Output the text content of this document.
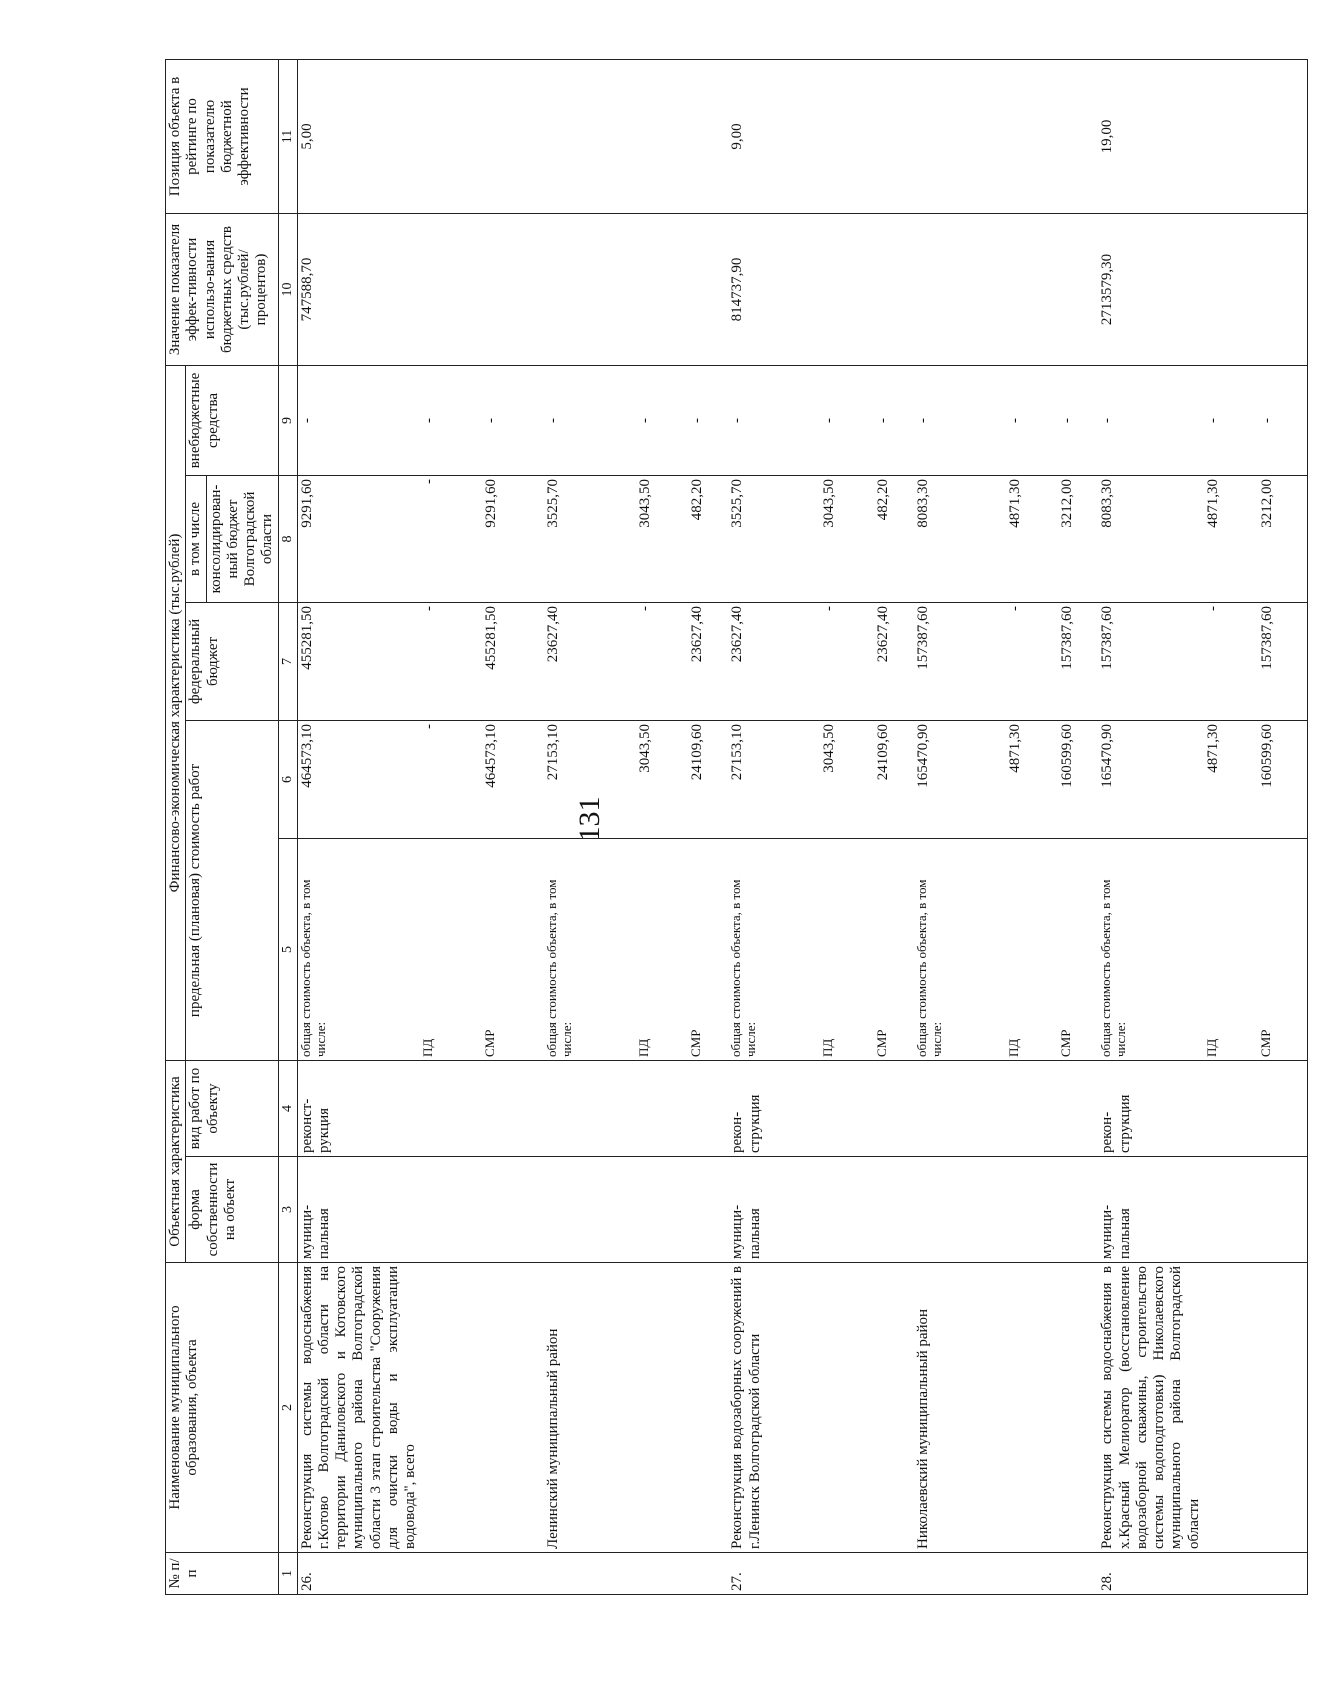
131
№ п/п	Наименование муниципального образования, объекта	Объектная характеристика		Финансово-экономическая характеристика (тыс.рублей)					Значение показателя эффек-тивности использо-вания бюджетных средств (тыс.рублей/ процентов)	Позиция объекта в рейтинге по показателю бюджетной эффективности
		форма собственности на объект	вид работ по объекту	предельная (плановая) стоимость работ		федеральный бюджет	в том числе	внебюджетные средства		
							консолидирован-ный бюджет Волгоградской области			
1	2	3	4	5	6	7	8	9	10	11
26.	Реконструкция системы водоснабжения г.Котово Волгоградской области на территории Даниловского и Котовского муниципального района Волгоградской области 3 этап строительства "Сооружения для очистки воды и эксплуатации водовода", всего	муници-пальная	реконст-рукция	общая стоимость объекта, в том числе:	464573,10	455281,50	9291,60	-	747588,70	5,00
				ПД	-	-	-	-		
				СМР	464573,10	455281,50	9291,60	-		
	Ленинский муниципальный район			общая стоимость объекта, в том числе:	27153,10	23627,40	3525,70	-		
				ПД	3043,50	-	3043,50	-		
				СМР	24109,60	23627,40	482,20	-		
27.	Реконструкция водозаборных сооружений в г.Ленинск Волгоградской области	муници-пальная	рекон-струкция	общая стоимость объекта, в том числе:	27153,10	23627,40	3525,70	-	814737,90	9,00
				ПД	3043,50	-	3043,50	-		
				СМР	24109,60	23627,40	482,20	-		
	Николаевский муниципальный район			общая стоимость объекта, в том числе:	165470,90	157387,60	8083,30	-		
				ПД	4871,30	-	4871,30	-		
				СМР	160599,60	157387,60	3212,00	-		
28.	Реконструкция системы водоснабжения в х.Красный Мелиоратор (восстановление водозаборной скважины, строительство системы водоподготовки) Николаевского муниципального района Волгоградской области	муници-пальная	рекон-струкция	общая стоимость объекта, в том числе:	165470,90	157387,60	8083,30	-	2713579,30	19,00
				ПД	4871,30	-	4871,30	-		
				СМР	160599,60	157387,60	3212,00	-		
